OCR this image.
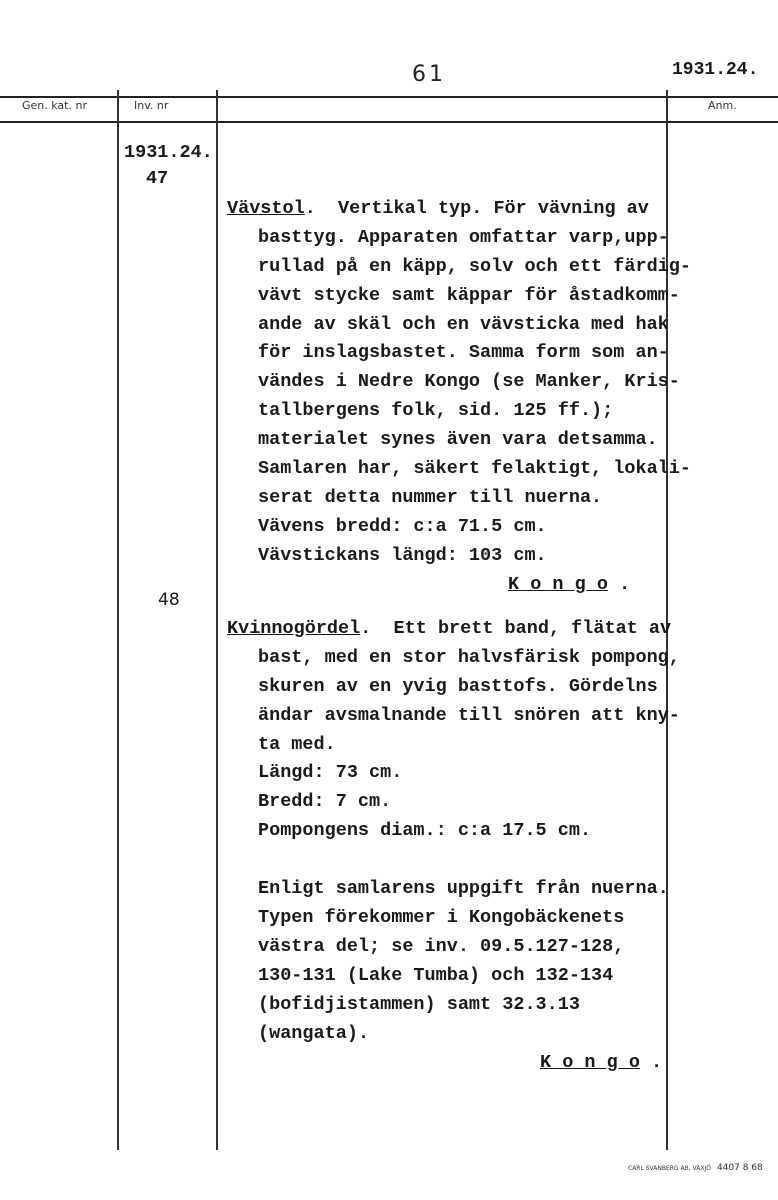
61	1931.24.
Gen. kat. nr	Inv. nr	Anm.
1931.24.
47

Vävstol.  Vertikal typ. För vävning av
basttyg. Apparaten omfattar varp,upp-
rullad på en käpp, solv och ett färdig-
vävt stycke samt käppar för åstadkomm-
ande av skäl och en vävsticka med hak
för inslagsbastet. Samma form som an-
vändes i Nedre Kongo (se Manker, Kris-
tallbergens folk, sid. 125 ff.);
materialet synes även vara detsamma.
Samlaren har, säkert felaktigt, lokali-
serat detta nummer till nuerna.
Vävens bredd: c:a 71.5 cm.
Vävstickans längd: 103 cm.
K o n g o .

48

Kvinnogördel.  Ett brett band, flätat av
bast, med en stor halvsfärisk pompong,
skuren av en yvig basttofs. Gördelns
ändar avsmalnande till snören att kny-
ta med.
Längd: 73 cm.
Bredd: 7 cm.
Pompongens diam.: c:a 17.5 cm.
Enligt samlarens uppgift från nuerna.
Typen förekommer i Kongobäckenets
västra del; se inv. 09.5.127-128,
130-131 (Lake Tumba) och 132-134
(bofidjistammen) samt 32.3.13
(wangata).
K o n g o .

CARL SVANBERG AB, VÄXJÖ 4407 8 68
